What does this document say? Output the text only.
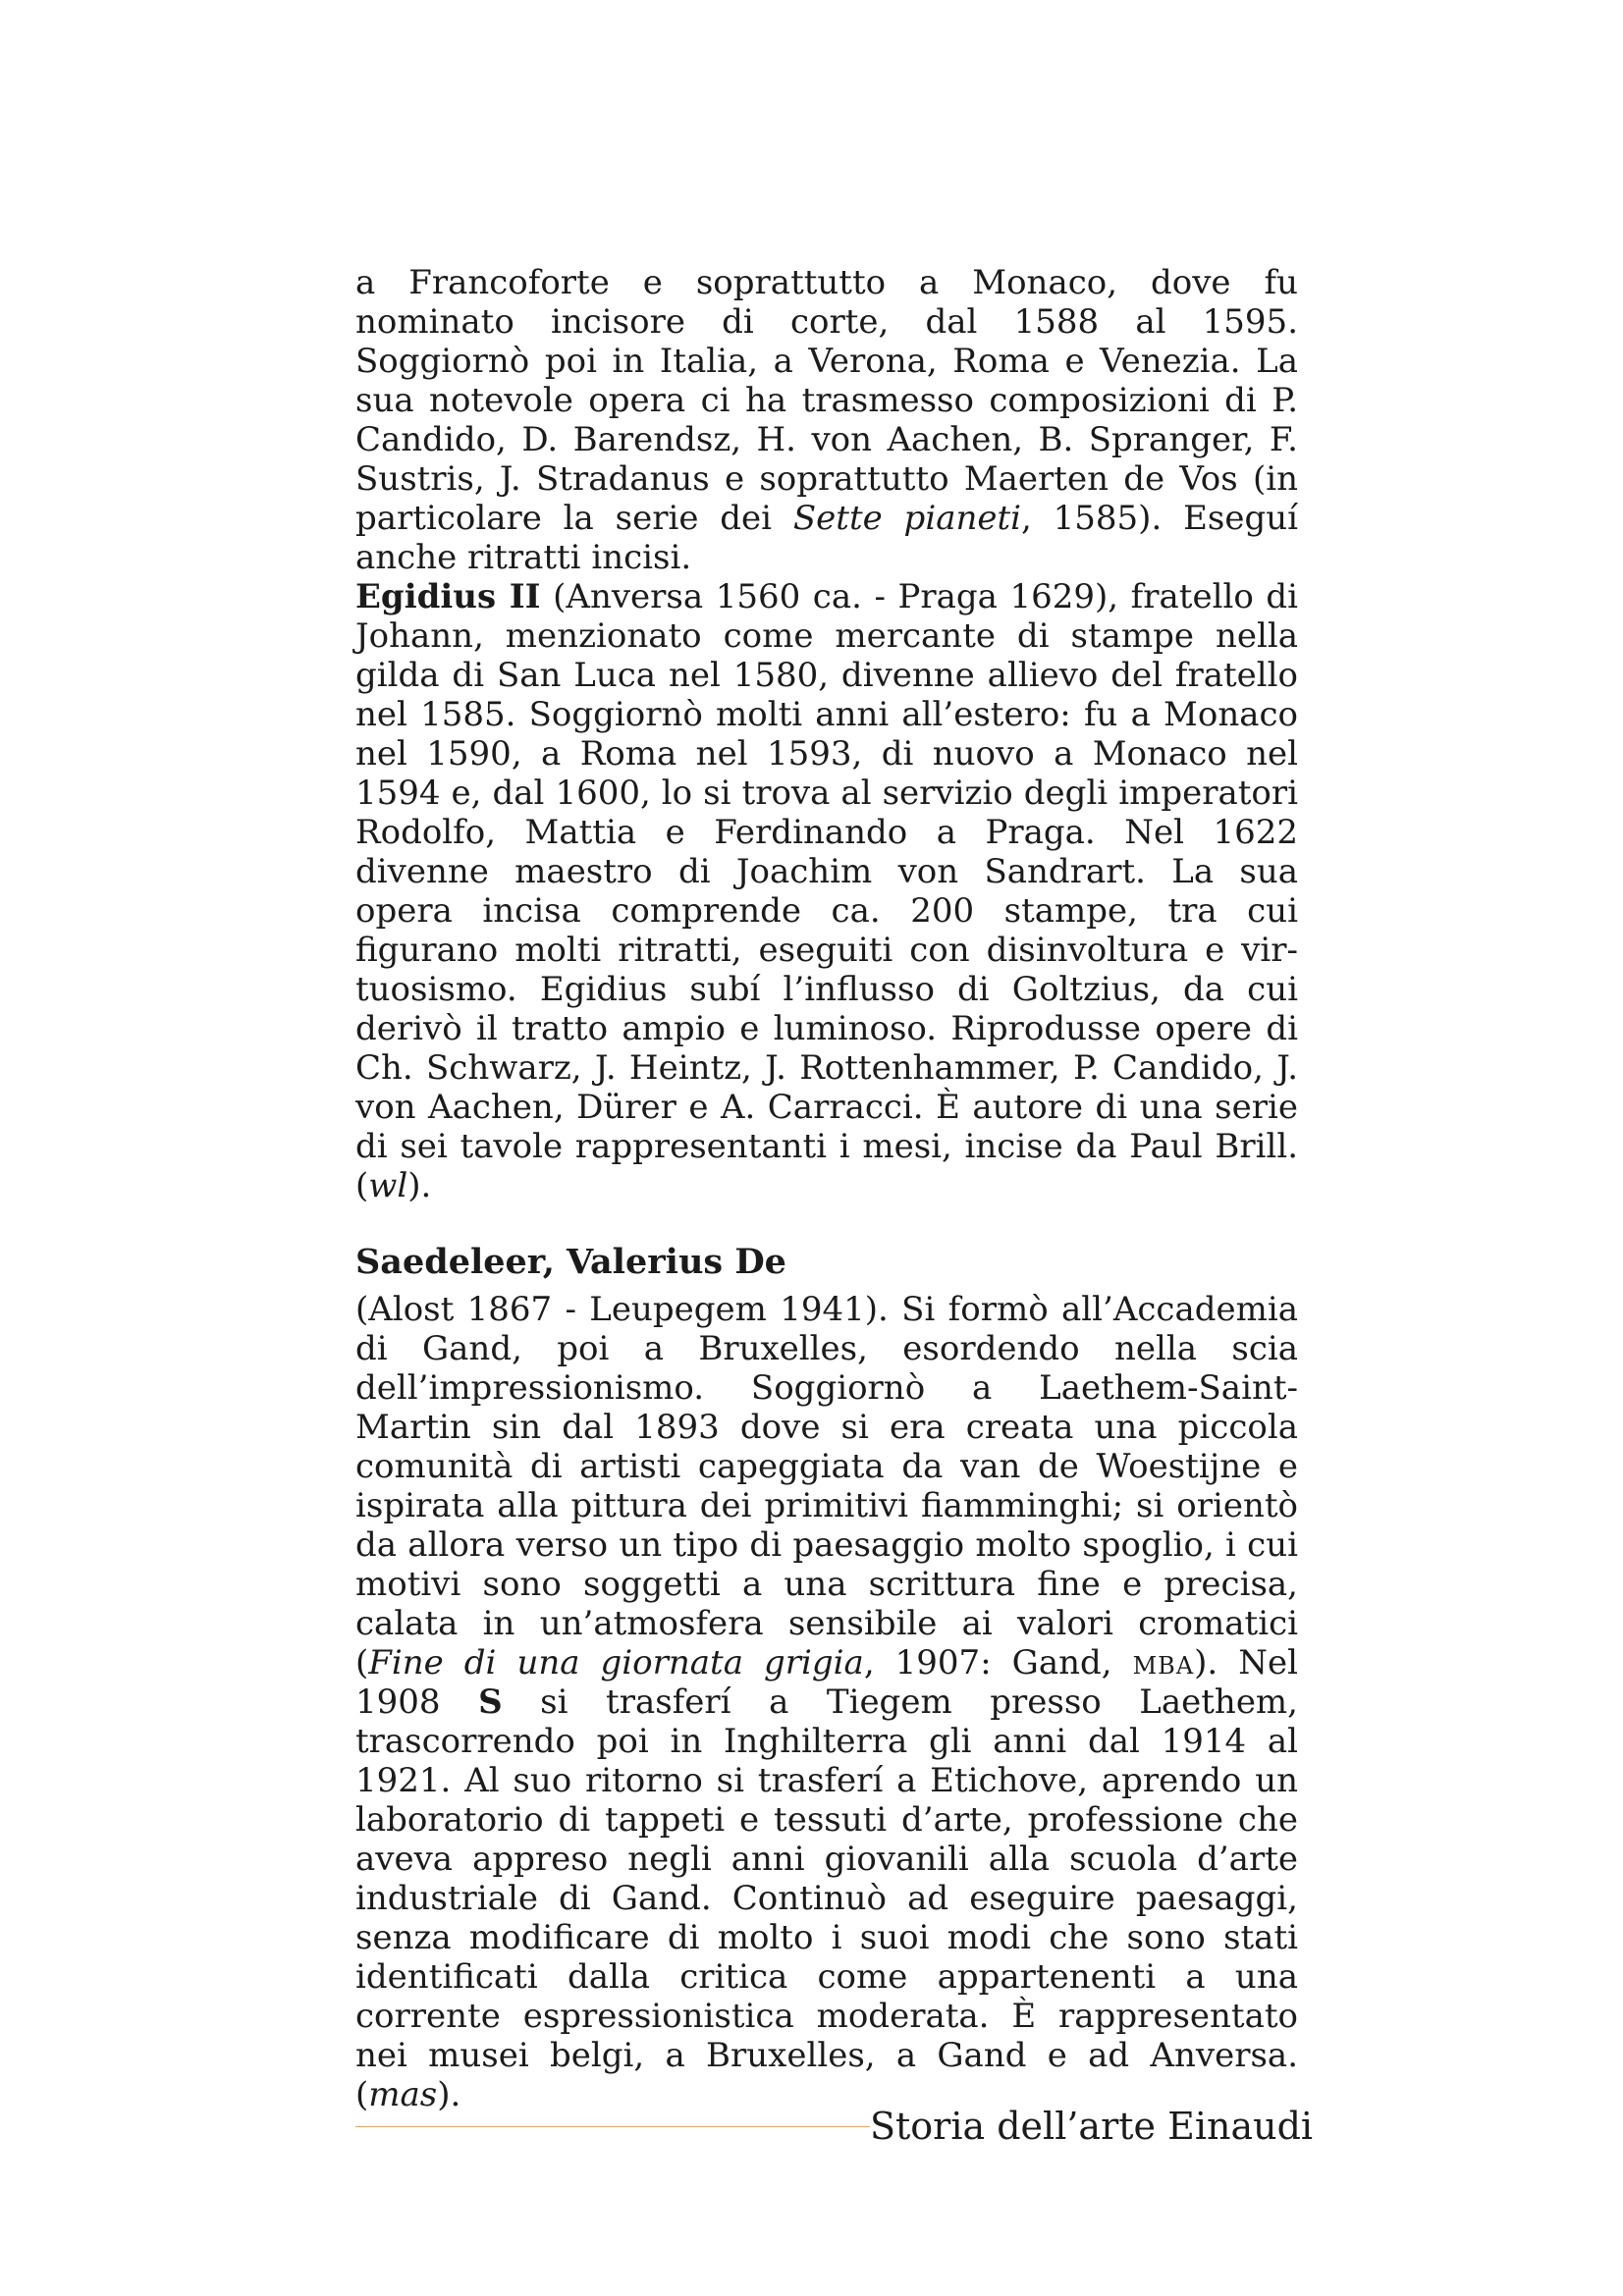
a Francoforte e soprattutto a Monaco, dove fu nominato incisore di corte, dal 1588 al 1595. Soggiornò poi in Italia, a Verona, Roma e Venezia. La sua notevole opera ci ha trasmesso composizioni di P. Candido, D. Barendsz, H. von Aachen, B. Spranger, F. Sustris, J. Stradanus e soprattutto Maerten de Vos (in particolare la serie dei Sette pianeti, 1585). Eseguí anche ritratti incisi.

Egidius II (Anversa 1560 ca. - Praga 1629), fratello di Johann, menzionato come mercante di stampe nella gilda di San Luca nel 1580, divenne allievo del fratello nel 1585. Soggiornò molti anni all’estero: fu a Monaco nel 1590, a Roma nel 1593, di nuovo a Monaco nel 1594 e, dal 1600, lo si trova al servizio degli imperatori Rodolfo, Mattia e Ferdinando a Praga. Nel 1622 divenne maestro di Joachim von Sandrart. La sua opera incisa comprende ca. 200 stampe, tra cui figurano molti ritratti, eseguiti con disinvoltura e virtuosismo. Egidius subí l’influsso di Goltzius, da cui derivò il tratto ampio e luminoso. Riprodusse opere di Ch. Schwarz, J. Heintz, J. Rottenhammer, P. Candido, J. von Aachen, Dürer e A. Carracci. È autore di una serie di sei tavole rappresentanti i mesi, incise da Paul Brill. (wl).

Saedeleer, Valerius De

(Alost 1867 - Leupegem 1941). Si formò all’Accademia di Gand, poi a Bruxelles, esordendo nella scia dell’impressionismo. Soggiornò a Laethem-Saint-Martin sin dal 1893 dove si era creata una piccola comunità di artisti capeggiata da van de Woestijne e ispirata alla pittura dei primitivi fiamminghi; si orientò da allora verso un tipo di paesaggio molto spoglio, i cui motivi sono soggetti a una scrittura fine e precisa, calata in un’atmosfera sensibile ai valori cromatici (Fine di una giornata grigia, 1907: Gand, mba). Nel 1908 S si trasferí a Tiegem presso Laethem, trascorrendo poi in Inghilterra gli anni dal 1914 al 1921. Al suo ritorno si trasferí a Etichove, aprendo un laboratorio di tappeti e tessuti d’arte, professione che aveva appreso negli anni giovanili alla scuola d’arte industriale di Gand. Continuò ad eseguire paesaggi, senza modificare di molto i suoi modi che sono stati identificati dalla critica come appartenenti a una corrente espressionistica moderata. È rappresentato nei musei belgi, a Bruxelles, a Gand e ad Anversa. (mas).

Storia dell’arte Einaudi
